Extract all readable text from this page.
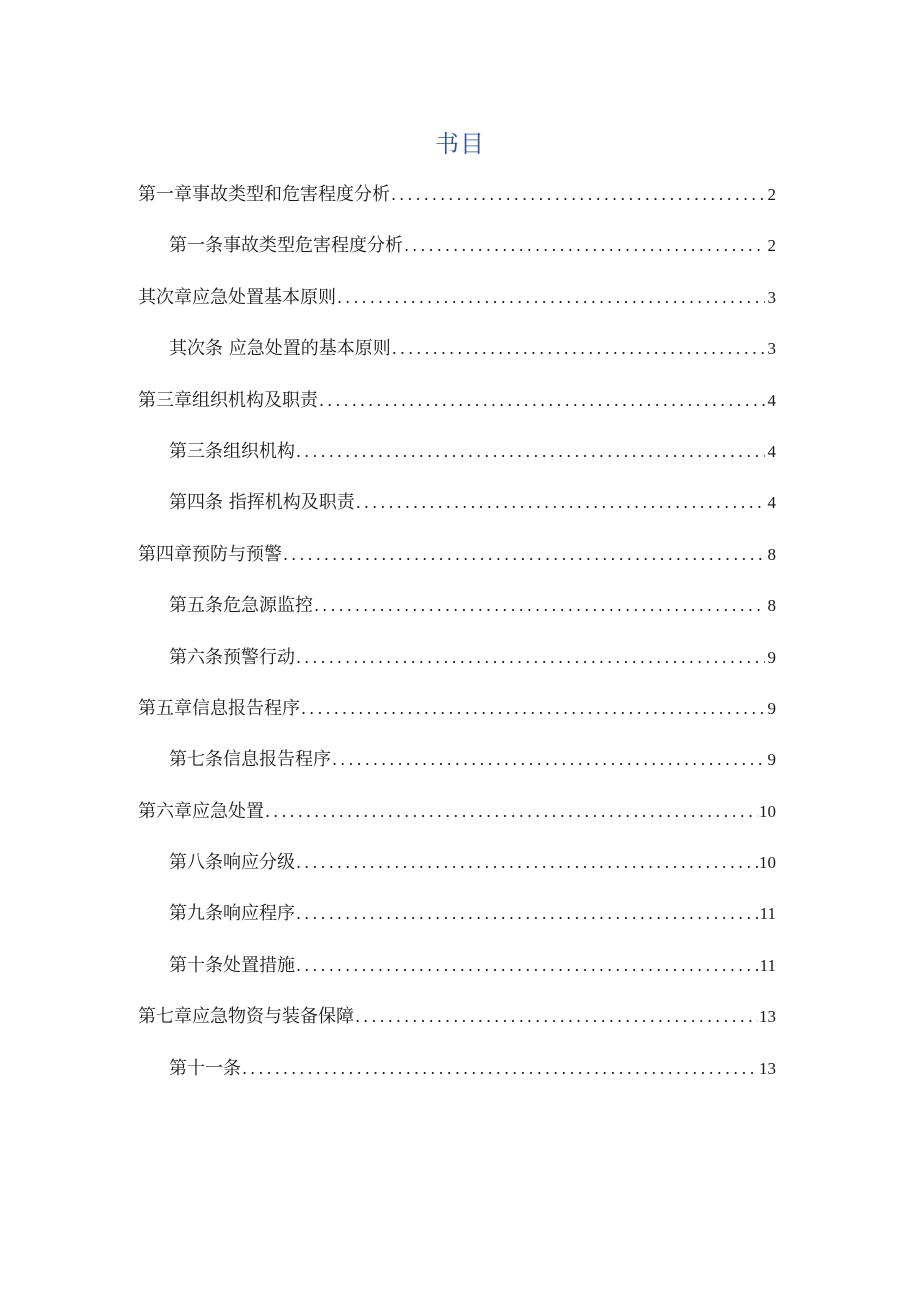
书目
第一章事故类型和危害程度分析 .....	2
第一条事故类型危害程度分析 .....	2
其次章应急处置基本原则 .....	3
其次条 应急处置的基本原则 .....	3
第三章组织机构及职责 .....	4
第三条组织机构 .....	4
第四条 指挥机构及职责 .....	4
第四章预防与预警 .....	8
第五条危急源监控 .....	8
第六条预警行动 .....	9
第五章信息报告程序 .....	9
第七条信息报告程序 .....	9
第六章应急处置 .....	10
第八条响应分级 .....	10
第九条响应程序 .....	11
第十条处置措施 .....	11
第七章应急物资与装备保障 .....	13
第十一条 .....	13
